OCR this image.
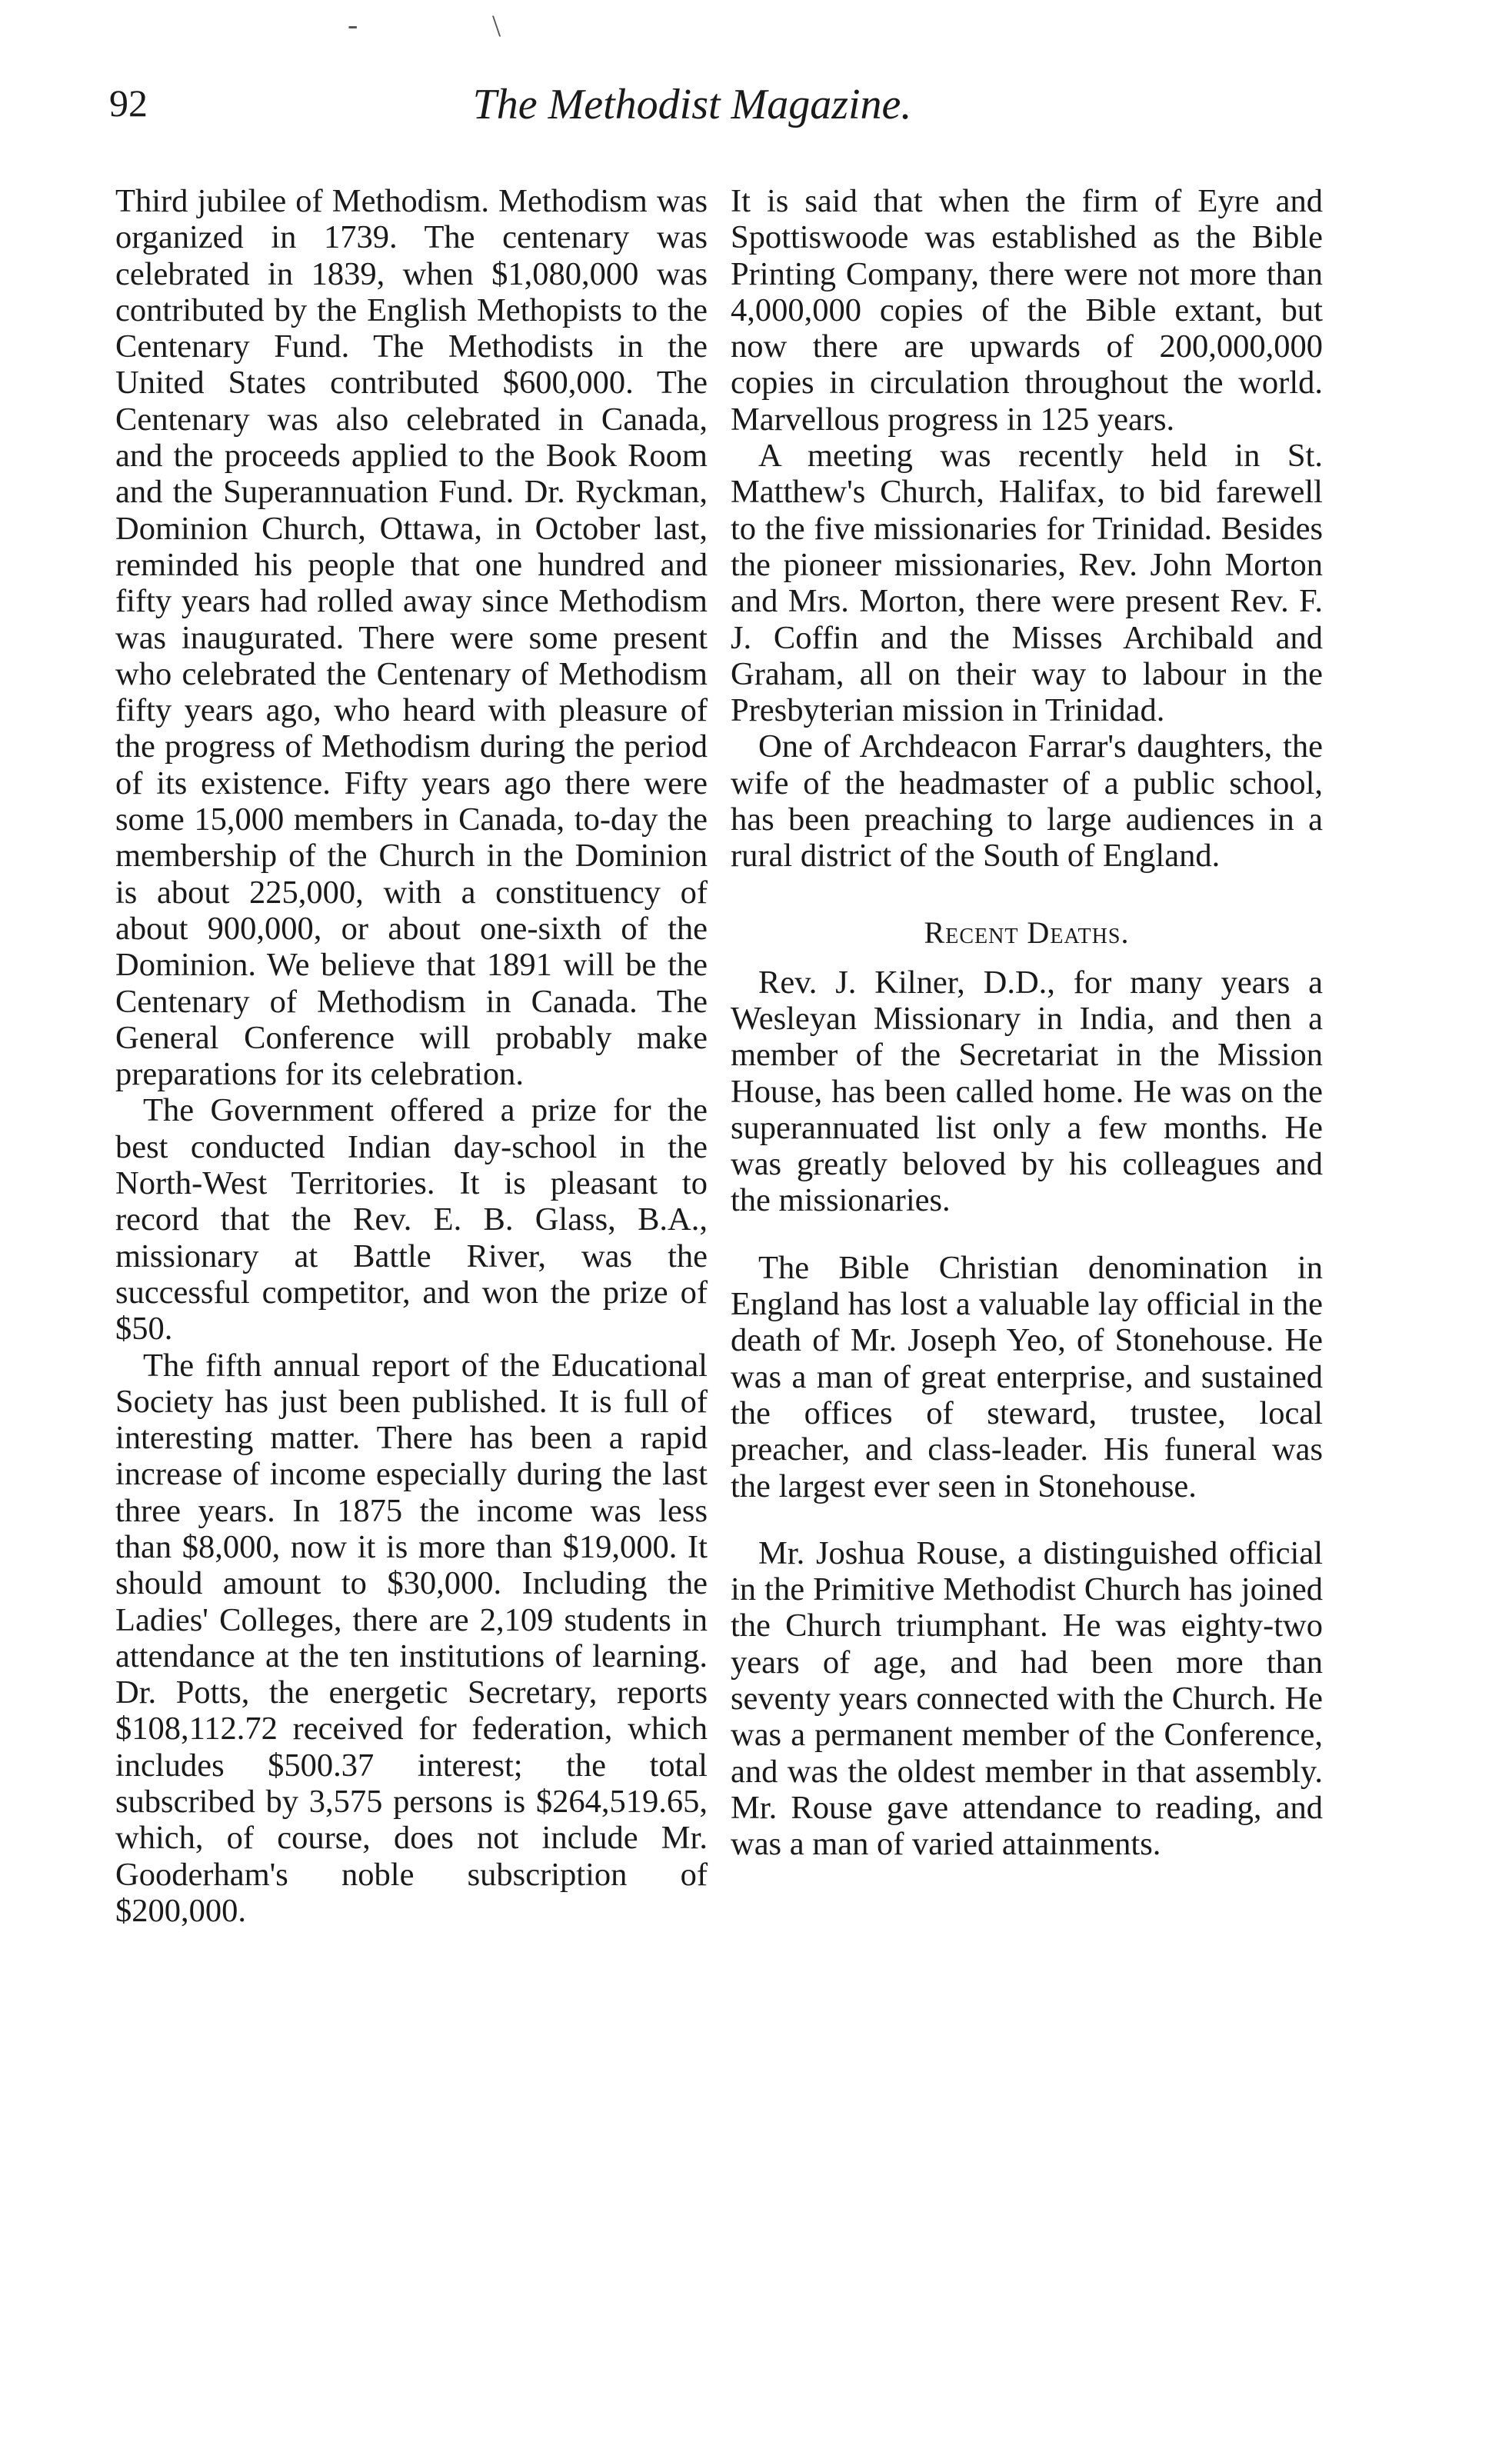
-	\
92	The Methodist Magazine.

Third jubilee of Methodism. Methodism was organized in 1739. The centenary was celebrated in 1839, when $1,080,000 was contributed by the English Methopists to the Centenary Fund. The Methodists in the United States contributed $600,000. The Centenary was also celebrated in Canada, and the proceeds applied to the Book Room and the Superannuation Fund. Dr. Ryckman, Dominion Church, Ottawa, in October last, reminded his people that one hundred and fifty years had rolled away since Methodism was inaugurated. There were some present who celebrated the Centenary of Methodism fifty years ago, who heard with pleasure of the progress of Methodism during the period of its existence. Fifty years ago there were some 15,000 members in Canada, to-day the membership of the Church in the Dominion is about 225,000, with a constituency of about 900,000, or about one-sixth of the Dominion. We believe that 1891 will be the Centenary of Methodism in Canada. The General Conference will probably make preparations for its celebration.

The Government offered a prize for the best conducted Indian day-school in the North-West Territories. It is pleasant to record that the Rev. E. B. Glass, B.A., missionary at Battle River, was the successful competitor, and won the prize of $50.

The fifth annual report of the Educational Society has just been published. It is full of interesting matter. There has been a rapid increase of income especially during the last three years. In 1875 the income was less than $8,000, now it is more than $19,000. It should amount to $30,000. Including the Ladies' Colleges, there are 2,109 students in attendance at the ten institutions of learning. Dr. Potts, the energetic Secretary, reports $108,112.72 received for federation, which includes $500.37 interest; the total subscribed by 3,575 persons is $264,519.65, which, of course, does not include Mr. Gooderham's noble subscription of $200,000.

It is said that when the firm of Eyre and Spottiswoode was established as the Bible Printing Company, there were not more than 4,000,000 copies of the Bible extant, but now there are upwards of 200,000,000 copies in circulation throughout the world. Marvellous progress in 125 years.

A meeting was recently held in St. Matthew's Church, Halifax, to bid farewell to the five missionaries for Trinidad. Besides the pioneer missionaries, Rev. John Morton and Mrs. Morton, there were present Rev. F. J. Coffin and the Misses Archibald and Graham, all on their way to labour in the Presbyterian mission in Trinidad.

One of Archdeacon Farrar's daughters, the wife of the headmaster of a public school, has been preaching to large audiences in a rural district of the South of England.

Recent Deaths.

Rev. J. Kilner, D.D., for many years a Wesleyan Missionary in India, and then a member of the Secretariat in the Mission House, has been called home. He was on the superannuated list only a few months. He was greatly beloved by his colleagues and the missionaries.

The Bible Christian denomination in England has lost a valuable lay official in the death of Mr. Joseph Yeo, of Stonehouse. He was a man of great enterprise, and sustained the offices of steward, trustee, local preacher, and class-leader. His funeral was the largest ever seen in Stonehouse.

Mr. Joshua Rouse, a distinguished official in the Primitive Methodist Church has joined the Church triumphant. He was eighty-two years of age, and had been more than seventy years connected with the Church. He was a permanent member of the Conference, and was the oldest member in that assembly. Mr. Rouse gave attendance to reading, and was a man of varied attainments.
